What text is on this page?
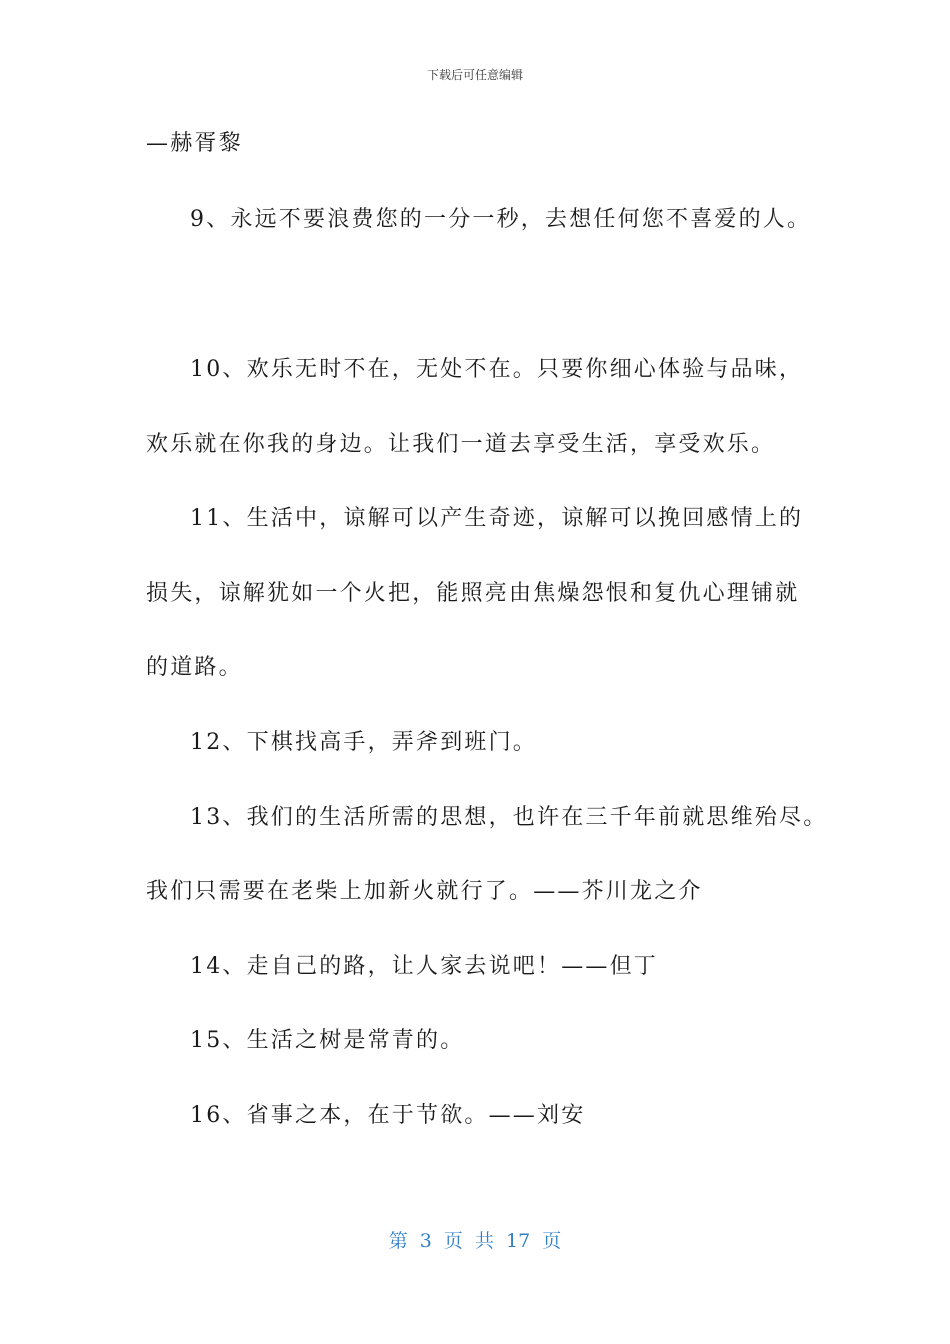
下载后可任意编辑
—赫胥黎
9、永远不要浪费您的一分一秒，去想任何您不喜爱的人。
10、欢乐无时不在，无处不在。只要你细心体验与品味，
欢乐就在你我的身边。让我们一道去享受生活，享受欢乐。
11、生活中，谅解可以产生奇迹，谅解可以挽回感情上的
损失，谅解犹如一个火把，能照亮由焦燥怨恨和复仇心理铺就
的道路。
12、下棋找高手，弄斧到班门。
13、我们的生活所需的思想，也许在三千年前就思维殆尽。
我们只需要在老柴上加新火就行了。——芥川龙之介
14、走自己的路，让人家去说吧！——但丁
15、生活之树是常青的。
16、省事之本，在于节欲。——刘安
第 3 页 共 17 页
